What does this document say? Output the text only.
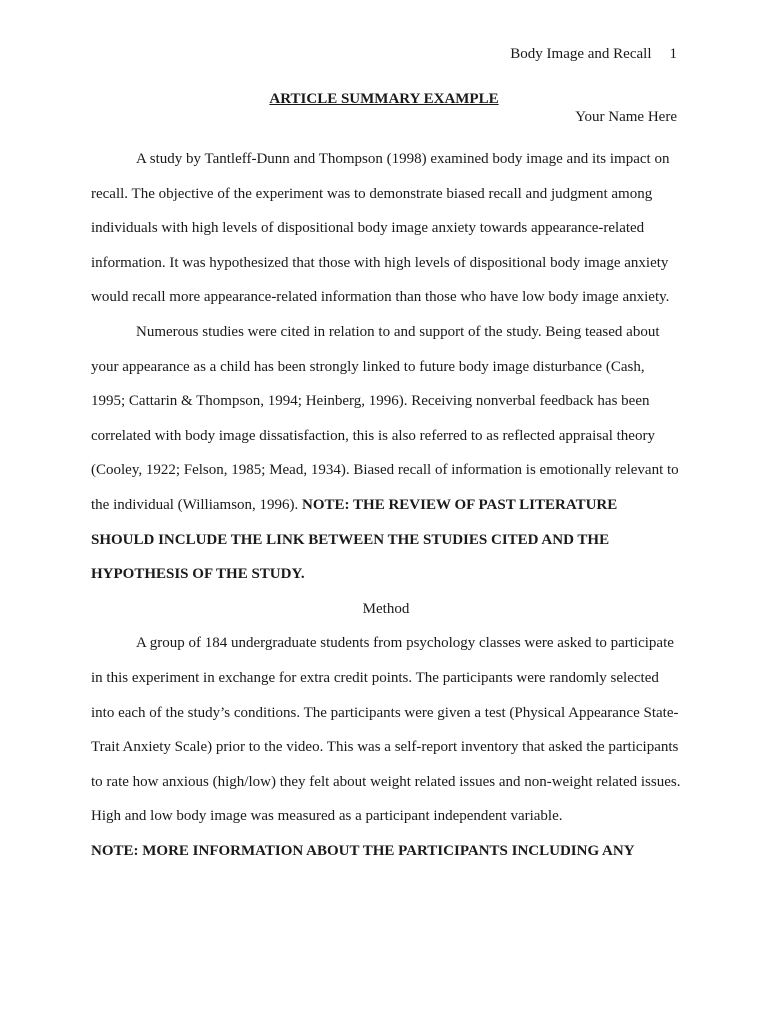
Body Image and Recall 1
ARTICLE SUMMARY EXAMPLE
Your Name Here

A study by Tantleff-Dunn and Thompson (1998) examined body image and its impact on recall. The objective of the experiment was to demonstrate biased recall and judgment among individuals with high levels of dispositional body image anxiety towards appearance-related information. It was hypothesized that those with high levels of dispositional body image anxiety would recall more appearance-related information than those who have low body image anxiety.

Numerous studies were cited in relation to and support of the study. Being teased about your appearance as a child has been strongly linked to future body image disturbance (Cash, 1995; Cattarin & Thompson, 1994; Heinberg, 1996). Receiving nonverbal feedback has been correlated with body image dissatisfaction, this is also referred to as reflected appraisal theory (Cooley, 1922; Felson, 1985; Mead, 1934). Biased recall of information is emotionally relevant to the individual (Williamson, 1996). NOTE: THE REVIEW OF PAST LITERATURE SHOULD INCLUDE THE LINK BETWEEN THE STUDIES CITED AND THE HYPOTHESIS OF THE STUDY.

Method

A group of 184 undergraduate students from psychology classes were asked to participate in this experiment in exchange for extra credit points. The participants were randomly selected into each of the study’s conditions. The participants were given a test (Physical Appearance State-Trait Anxiety Scale) prior to the video. This was a self-report inventory that asked the participants to rate how anxious (high/low) they felt about weight related issues and non-weight related issues. High and low body image was measured as a participant independent variable.

NOTE: MORE INFORMATION ABOUT THE PARTICIPANTS INCLUDING ANY
